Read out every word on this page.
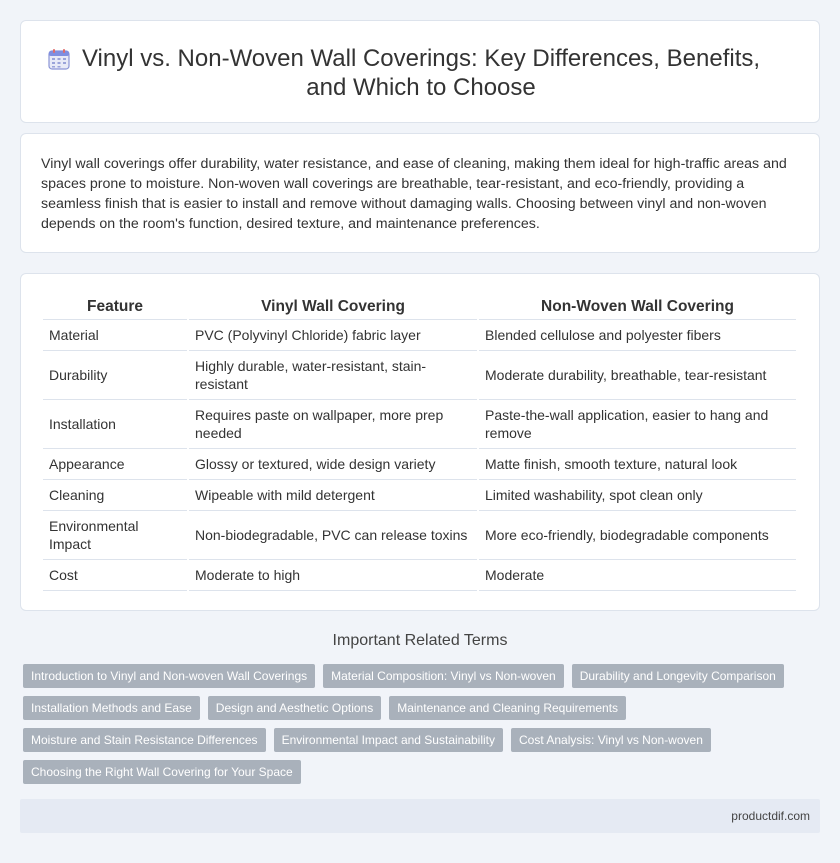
Vinyl vs. Non-Woven Wall Coverings: Key Differences, Benefits, and Which to Choose

Vinyl wall coverings offer durability, water resistance, and ease of cleaning, making them ideal for high-traffic areas and spaces prone to moisture. Non-woven wall coverings are breathable, tear-resistant, and eco-friendly, providing a seamless finish that is easier to install and remove without damaging walls. Choosing between vinyl and non-woven depends on the room's function, desired texture, and maintenance preferences.

Feature	Vinyl Wall Covering	Non-Woven Wall Covering
Material	PVC (Polyvinyl Chloride) fabric layer	Blended cellulose and polyester fibers
Durability	Highly durable, water-resistant, stain-resistant	Moderate durability, breathable, tear-resistant
Installation	Requires paste on wallpaper, more prep needed	Paste-the-wall application, easier to hang and remove
Appearance	Glossy or textured, wide design variety	Matte finish, smooth texture, natural look
Cleaning	Wipeable with mild detergent	Limited washability, spot clean only
Environmental Impact	Non-biodegradable, PVC can release toxins	More eco-friendly, biodegradable components
Cost	Moderate to high	Moderate
Important Related Terms
Introduction to Vinyl and Non-woven Wall Coverings	Material Composition: Vinyl vs Non-woven	Durability and Longevity Comparison
Installation Methods and Ease	Design and Aesthetic Options	Maintenance and Cleaning Requirements
Moisture and Stain Resistance Differences	Environmental Impact and Sustainability	Cost Analysis: Vinyl vs Non-woven
Choosing the Right Wall Covering for Your Space
productdif.com
